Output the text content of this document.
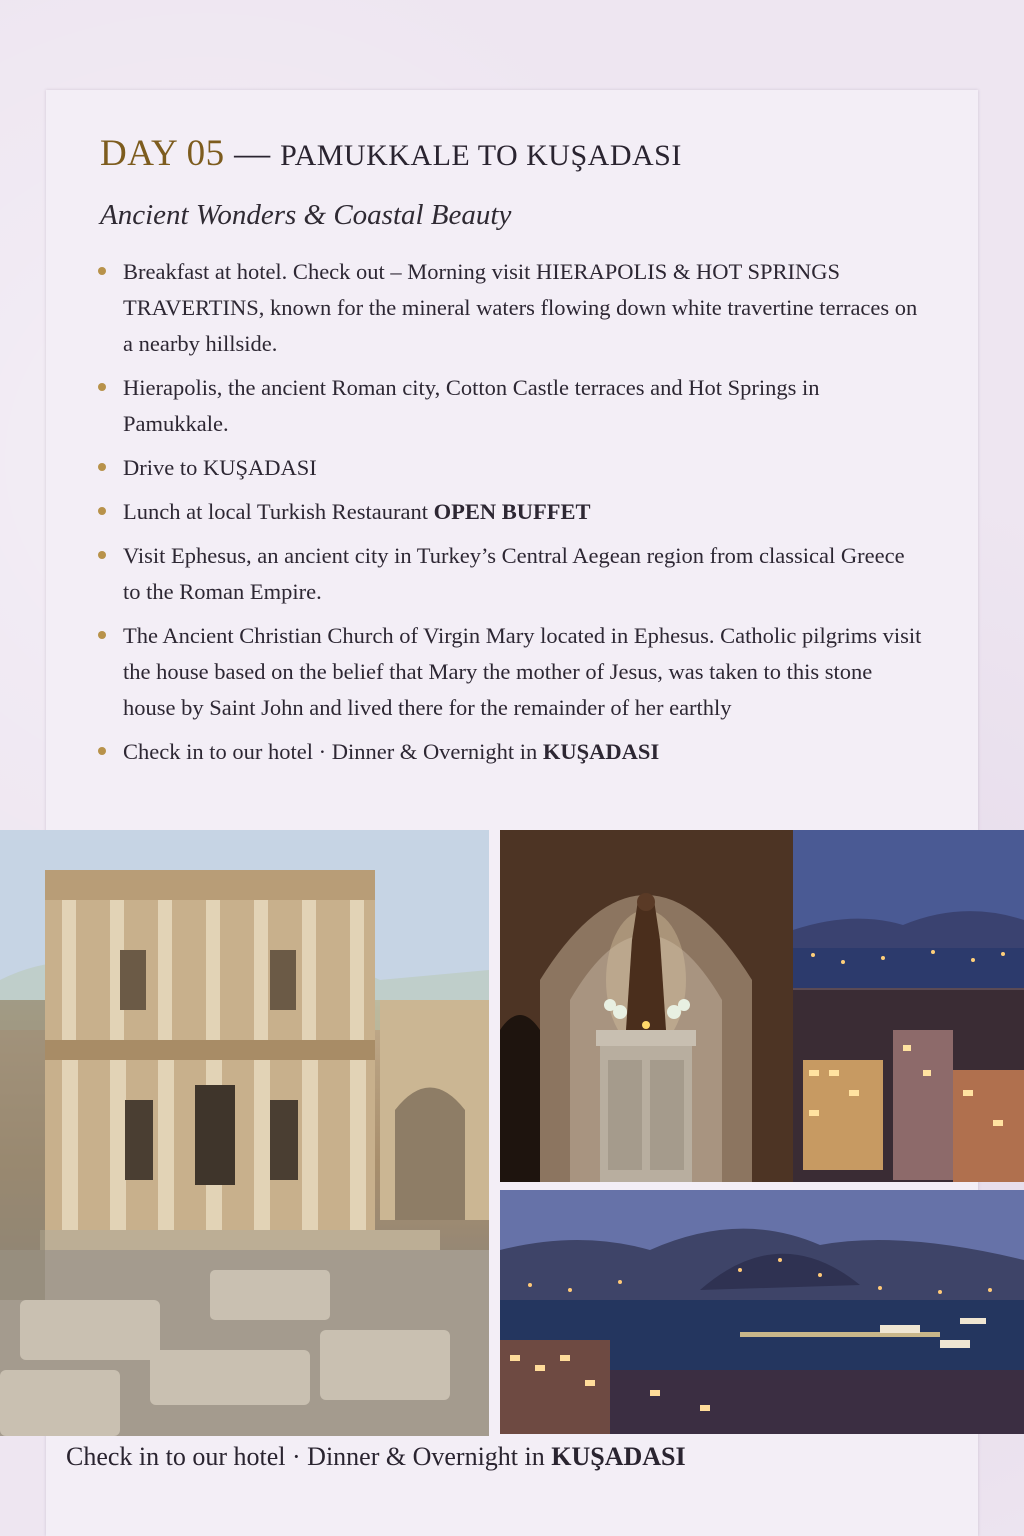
DAY 05 — PAMUKKALE TO KUŞADASI
Ancient Wonders & Coastal Beauty
Breakfast at hotel. Check out – Morning visit HIERAPOLIS & HOT SPRINGS TRAVERTINS, known for the mineral waters flowing down white travertine terraces on a nearby hillside.
Hierapolis, the ancient Roman city, Cotton Castle terraces and Hot Springs in Pamukkale.
Drive to KUŞADASI
Lunch at local Turkish Restaurant OPEN BUFFET
Visit Ephesus, an ancient city in Turkey’s Central Aegean region from classical Greece to the Roman Empire.
The Ancient Christian Church of Virgin Mary located in Ephesus. Catholic pilgrims visit the house based on the belief that Mary the mother of Jesus, was taken to this stone house by Saint John and lived there for the remainder of her earthly
Check in to our hotel · Dinner & Overnight in KUŞADASI
Check in to our hotel · Dinner & Overnight in KUŞADASI
